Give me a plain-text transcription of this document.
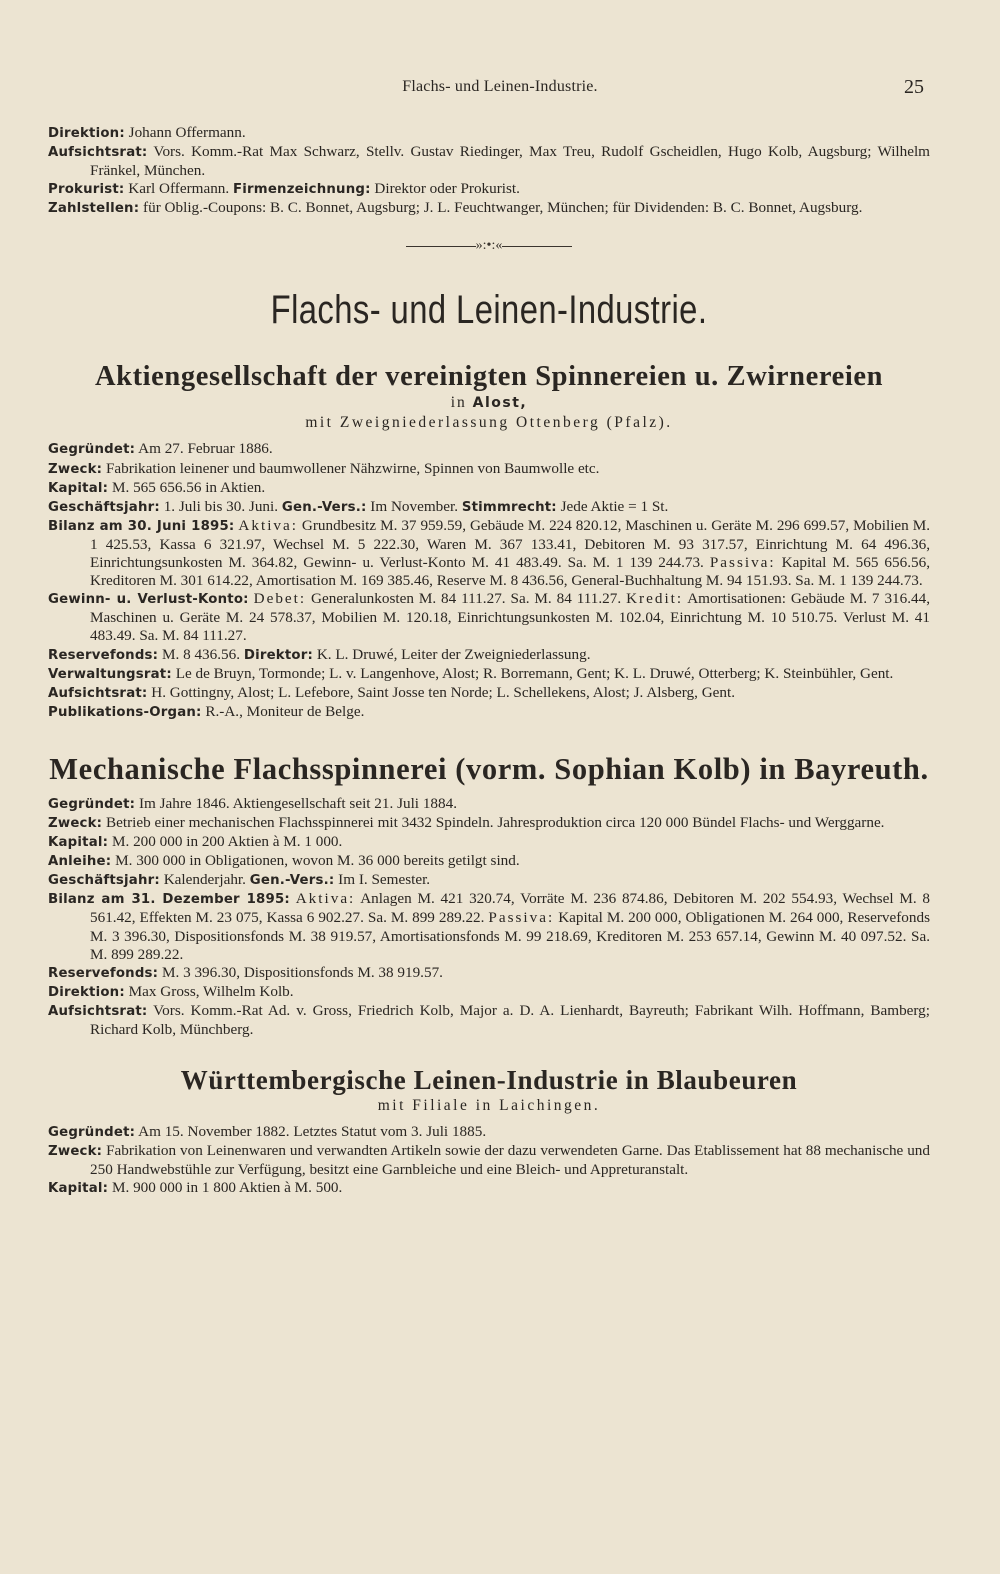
Flachs- und Leinen-Industrie.	25

Direktion: Johann Offermann.

Aufsichtsrat: Vors. Komm.-Rat Max Schwarz, Stellv. Gustav Riedinger, Max Treu, Rudolf Gscheidlen, Hugo Kolb, Augsburg; Wilhelm Fränkel, München.

Prokurist: Karl Offermann. Firmenzeichnung: Direktor oder Prokurist.

Zahlstellen: für Oblig.-Coupons: B. C. Bonnet, Augsburg; J. L. Feuchtwanger, München; für Dividenden: B. C. Bonnet, Augsburg.

»:•:«
Flachs- und Leinen-Industrie.

Aktiengesellschaft der vereinigten Spinnereien u. Zwirnereien

in Alost,

mit Zweigniederlassung Ottenberg (Pfalz).

Gegründet: Am 27. Februar 1886.

Zweck: Fabrikation leinener und baumwollener Nähzwirne, Spinnen von Baumwolle etc.

Kapital: M. 565 656.56 in Aktien.

Geschäftsjahr: 1. Juli bis 30. Juni. Gen.-Vers.: Im November. Stimmrecht: Jede Aktie = 1 St.

Bilanz am 30. Juni 1895: Aktiva: Grundbesitz M. 37 959.59, Gebäude M. 224 820.12, Maschinen u. Geräte M. 296 699.57, Mobilien M. 1 425.53, Kassa 6 321.97, Wechsel M. 5 222.30, Waren M. 367 133.41, Debitoren M. 93 317.57, Einrichtung M. 64 496.36, Einrichtungsunkosten M. 364.82, Gewinn- u. Verlust-Konto M. 41 483.49. Sa. M. 1 139 244.73. Passiva: Kapital M. 565 656.56, Kreditoren M. 301 614.22, Amortisation M. 169 385.46, Reserve M. 8 436.56, General-Buchhaltung M. 94 151.93. Sa. M. 1 139 244.73.

Gewinn- u. Verlust-Konto: Debet: Generalunkosten M. 84 111.27. Sa. M. 84 111.27. Kredit: Amortisationen: Gebäude M. 7 316.44, Maschinen u. Geräte M. 24 578.37, Mobilien M. 120.18, Einrichtungsunkosten M. 102.04, Einrichtung M. 10 510.75. Verlust M. 41 483.49. Sa. M. 84 111.27.

Reservefonds: M. 8 436.56. Direktor: K. L. Druwé, Leiter der Zweigniederlassung.

Verwaltungsrat: Le de Bruyn, Tormonde; L. v. Langenhove, Alost; R. Borremann, Gent; K. L. Druwé, Otterberg; K. Steinbühler, Gent.

Aufsichtsrat: H. Gottingny, Alost; L. Lefebore, Saint Josse ten Norde; L. Schellekens, Alost; J. Alsberg, Gent.

Publikations-Organ: R.-A., Moniteur de Belge.

Mechanische Flachsspinnerei (vorm. Sophian Kolb) in Bayreuth.

Gegründet: Im Jahre 1846. Aktiengesellschaft seit 21. Juli 1884.

Zweck: Betrieb einer mechanischen Flachsspinnerei mit 3432 Spindeln. Jahresproduktion circa 120 000 Bündel Flachs- und Werggarne.

Kapital: M. 200 000 in 200 Aktien à M. 1 000.

Anleihe: M. 300 000 in Obligationen, wovon M. 36 000 bereits getilgt sind.

Geschäftsjahr: Kalenderjahr. Gen.-Vers.: Im I. Semester.

Bilanz am 31. Dezember 1895: Aktiva: Anlagen M. 421 320.74, Vorräte M. 236 874.86, Debitoren M. 202 554.93, Wechsel M. 8 561.42, Effekten M. 23 075, Kassa 6 902.27. Sa. M. 899 289.22. Passiva: Kapital M. 200 000, Obligationen M. 264 000, Reservefonds M. 3 396.30, Dispositionsfonds M. 38 919.57, Amortisationsfonds M. 99 218.69, Kreditoren M. 253 657.14, Gewinn M. 40 097.52. Sa. M. 899 289.22.

Reservefonds: M. 3 396.30, Dispositionsfonds M. 38 919.57.

Direktion: Max Gross, Wilhelm Kolb.

Aufsichtsrat: Vors. Komm.-Rat Ad. v. Gross, Friedrich Kolb, Major a. D. A. Lienhardt, Bayreuth; Fabrikant Wilh. Hoffmann, Bamberg; Richard Kolb, Münchberg.

Württembergische Leinen-Industrie in Blaubeuren

mit Filiale in Laichingen.

Gegründet: Am 15. November 1882. Letztes Statut vom 3. Juli 1885.

Zweck: Fabrikation von Leinenwaren und verwandten Artikeln sowie der dazu verwendeten Garne. Das Etablissement hat 88 mechanische und 250 Handwebstühle zur Verfügung, besitzt eine Garnbleiche und eine Bleich- und Appreturanstalt.

Kapital: M. 900 000 in 1 800 Aktien à M. 500.
